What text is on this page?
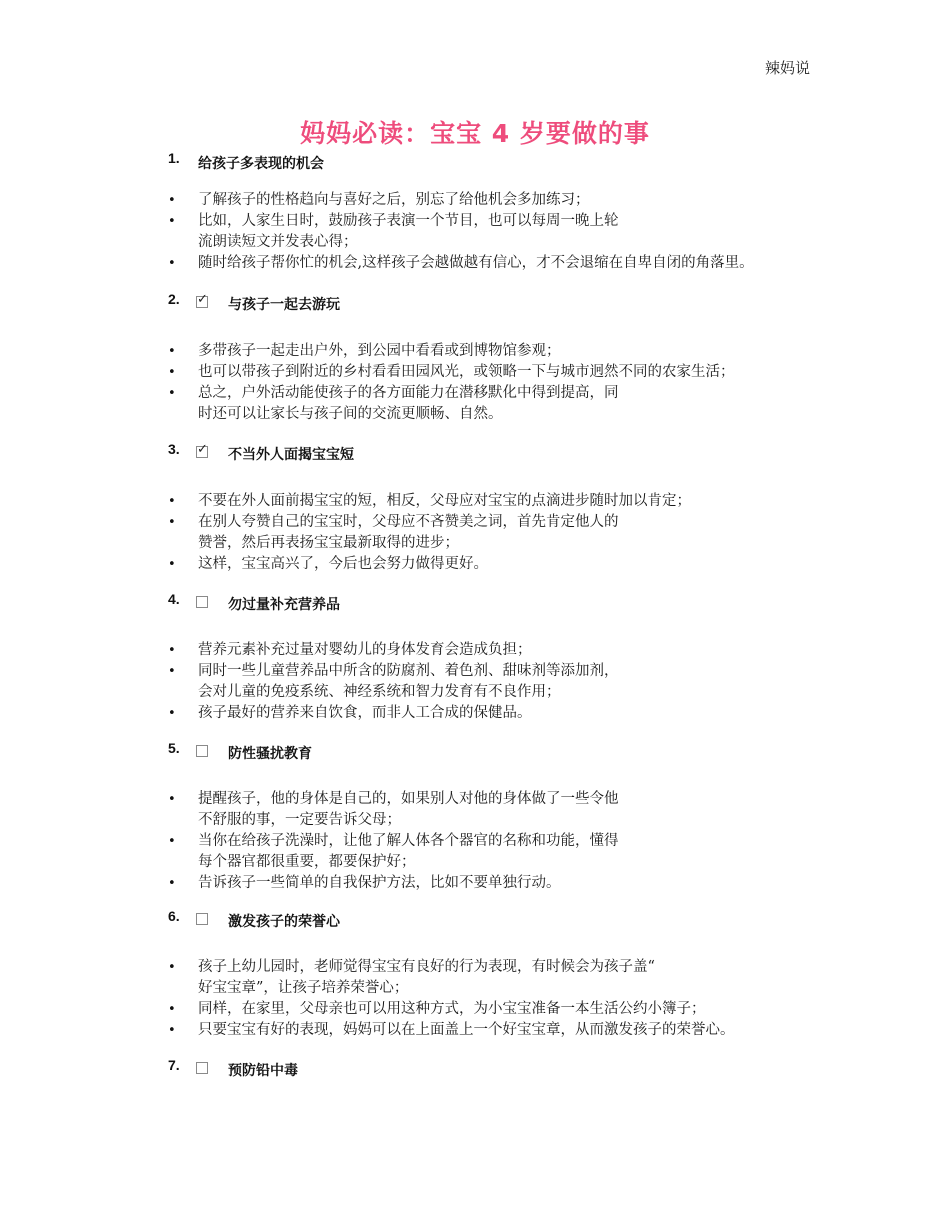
辣妈说
妈妈必读：宝宝 4 岁要做的事
1. 给孩子多表现的机会
• 了解孩子的性格趋向与喜好之后，别忘了给他机会多加练习；
• 比如，人家生日时，鼓励孩子表演一个节目，也可以每周一晚上轮
流朗读短文并发表心得；
• 随时给孩子帮你忙的机会,这样孩子会越做越有信心，才不会退缩在自卑自闭的角落里。
2. ✓ 与孩子一起去游玩
• 多带孩子一起走出户外，到公园中看看或到博物馆参观；
• 也可以带孩子到附近的乡村看看田园风光，或领略一下与城市迥然不同的农家生活；
• 总之，户外活动能使孩子的各方面能力在潜移默化中得到提高，同
时还可以让家长与孩子间的交流更顺畅、自然。
3. ✓ 不当外人面揭宝宝短
• 不要在外人面前揭宝宝的短，相反，父母应对宝宝的点滴进步随时加以肯定；
• 在别人夸赞自己的宝宝时，父母应不吝赞美之词，首先肯定他人的
赞誉，然后再表扬宝宝最新取得的进步；
• 这样，宝宝高兴了，今后也会努力做得更好。
4.	勿过量补充营养品
• 营养元素补充过量对婴幼儿的身体发育会造成负担；
• 同时一些儿童营养品中所含的防腐剂、着色剂、甜味剂等添加剂，
会对儿童的免疫系统、神经系统和智力发育有不良作用；
• 孩子最好的营养来自饮食，而非人工合成的保健品。
5.	防性骚扰教育
• 提醒孩子，他的身体是自己的，如果别人对他的身体做了一些令他
不舒服的事，一定要告诉父母；
• 当你在给孩子洗澡时，让他了解人体各个器官的名称和功能，懂得
每个器官都很重要，都要保护好；
• 告诉孩子一些简单的自我保护方法，比如不要单独行动。
6.	激发孩子的荣誉心
• 孩子上幼儿园时，老师觉得宝宝有良好的行为表现，有时候会为孩子盖“
好宝宝章”，让孩子培养荣誉心；
• 同样，在家里，父母亲也可以用这种方式，为小宝宝准备一本生活公约小簿子；
• 只要宝宝有好的表现，妈妈可以在上面盖上一个好宝宝章，从而激发孩子的荣誉心。
7.	预防铅中毒
